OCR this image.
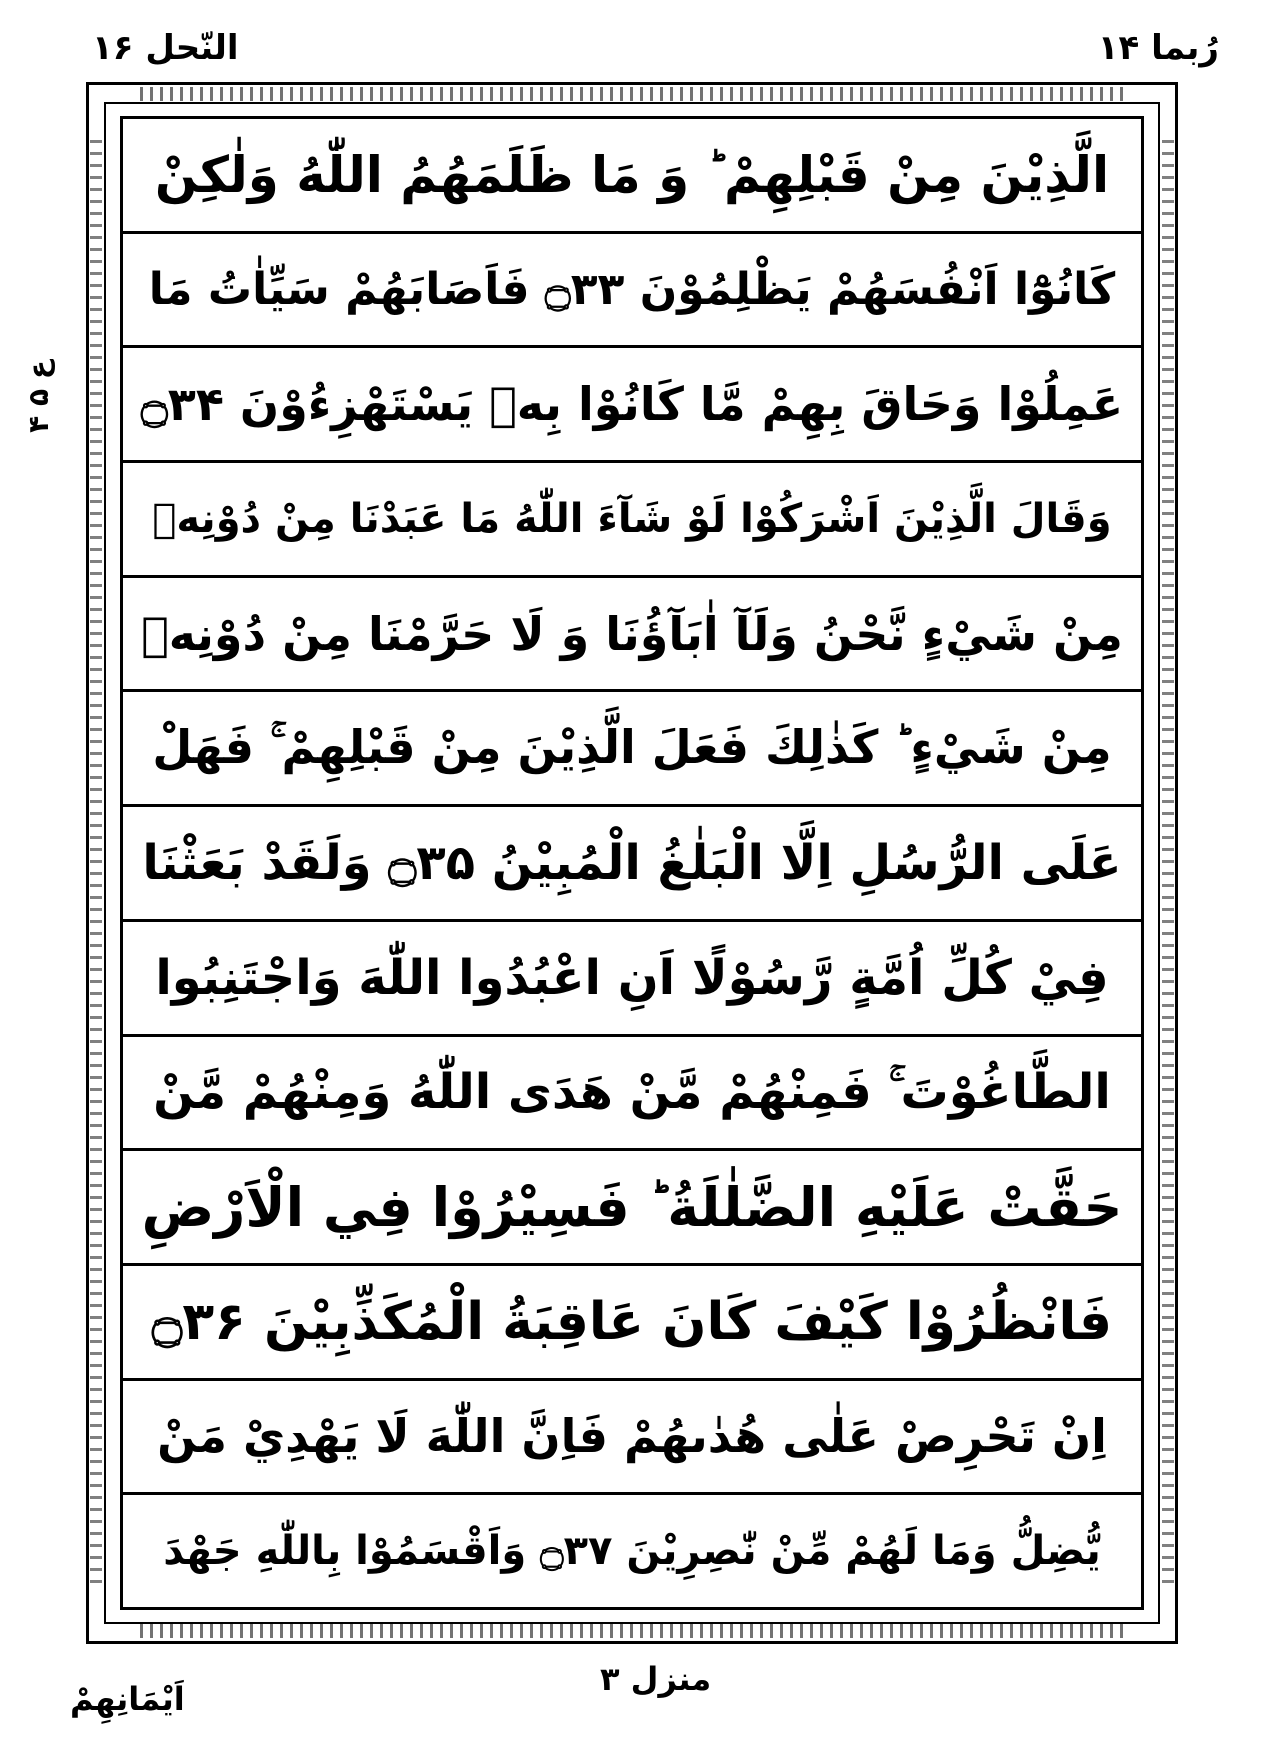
النّحل ۱۶	رُبما ۱۴
ع ۵ ۴
الَّذِيْنَ مِنْ قَبْلِهِمْ ؕ وَ مَا ظَلَمَهُمُ اللّٰهُ وَلٰكِنْ
كَانُوْٓا اَنْفُسَهُمْ يَظْلِمُوْنَ ۝۳۳ فَاَصَابَهُمْ سَيِّاٰتُ مَا
عَمِلُوْا وَحَاقَ بِهِمْ مَّا كَانُوْا بِهٖ يَسْتَهْزِءُوْنَ ۝۳۴
وَقَالَ الَّذِيْنَ اَشْرَكُوْا لَوْ شَآءَ اللّٰهُ مَا عَبَدْنَا مِنْ دُوْنِهٖ
مِنْ شَيْءٍ نَّحْنُ وَلَآ اٰبَآؤُنَا وَ لَا حَرَّمْنَا مِنْ دُوْنِهٖ
مِنْ شَيْءٍ ؕ كَذٰلِكَ فَعَلَ الَّذِيْنَ مِنْ قَبْلِهِمْ ۚ فَهَلْ
عَلَى الرُّسُلِ اِلَّا الْبَلٰغُ الْمُبِيْنُ ۝۳۵ وَلَقَدْ بَعَثْنَا
فِيْ كُلِّ اُمَّةٍ رَّسُوْلًا اَنِ اعْبُدُوا اللّٰهَ وَاجْتَنِبُوا
الطَّاغُوْتَ ۚ فَمِنْهُمْ مَّنْ هَدَى اللّٰهُ وَمِنْهُمْ مَّنْ
حَقَّتْ عَلَيْهِ الضَّلٰلَةُ ؕ فَسِيْرُوْا فِي الْاَرْضِ
فَانْظُرُوْا كَيْفَ كَانَ عَاقِبَةُ الْمُكَذِّبِيْنَ ۝۳۶
اِنْ تَحْرِصْ عَلٰى هُدٰىهُمْ فَاِنَّ اللّٰهَ لَا يَهْدِيْ مَنْ
يُّضِلُّ وَمَا لَهُمْ مِّنْ نّٰصِرِيْنَ ۝۳۷ وَاَقْسَمُوْا بِاللّٰهِ جَهْدَ
منزل ۳
اَيْمَانِهِمْ
